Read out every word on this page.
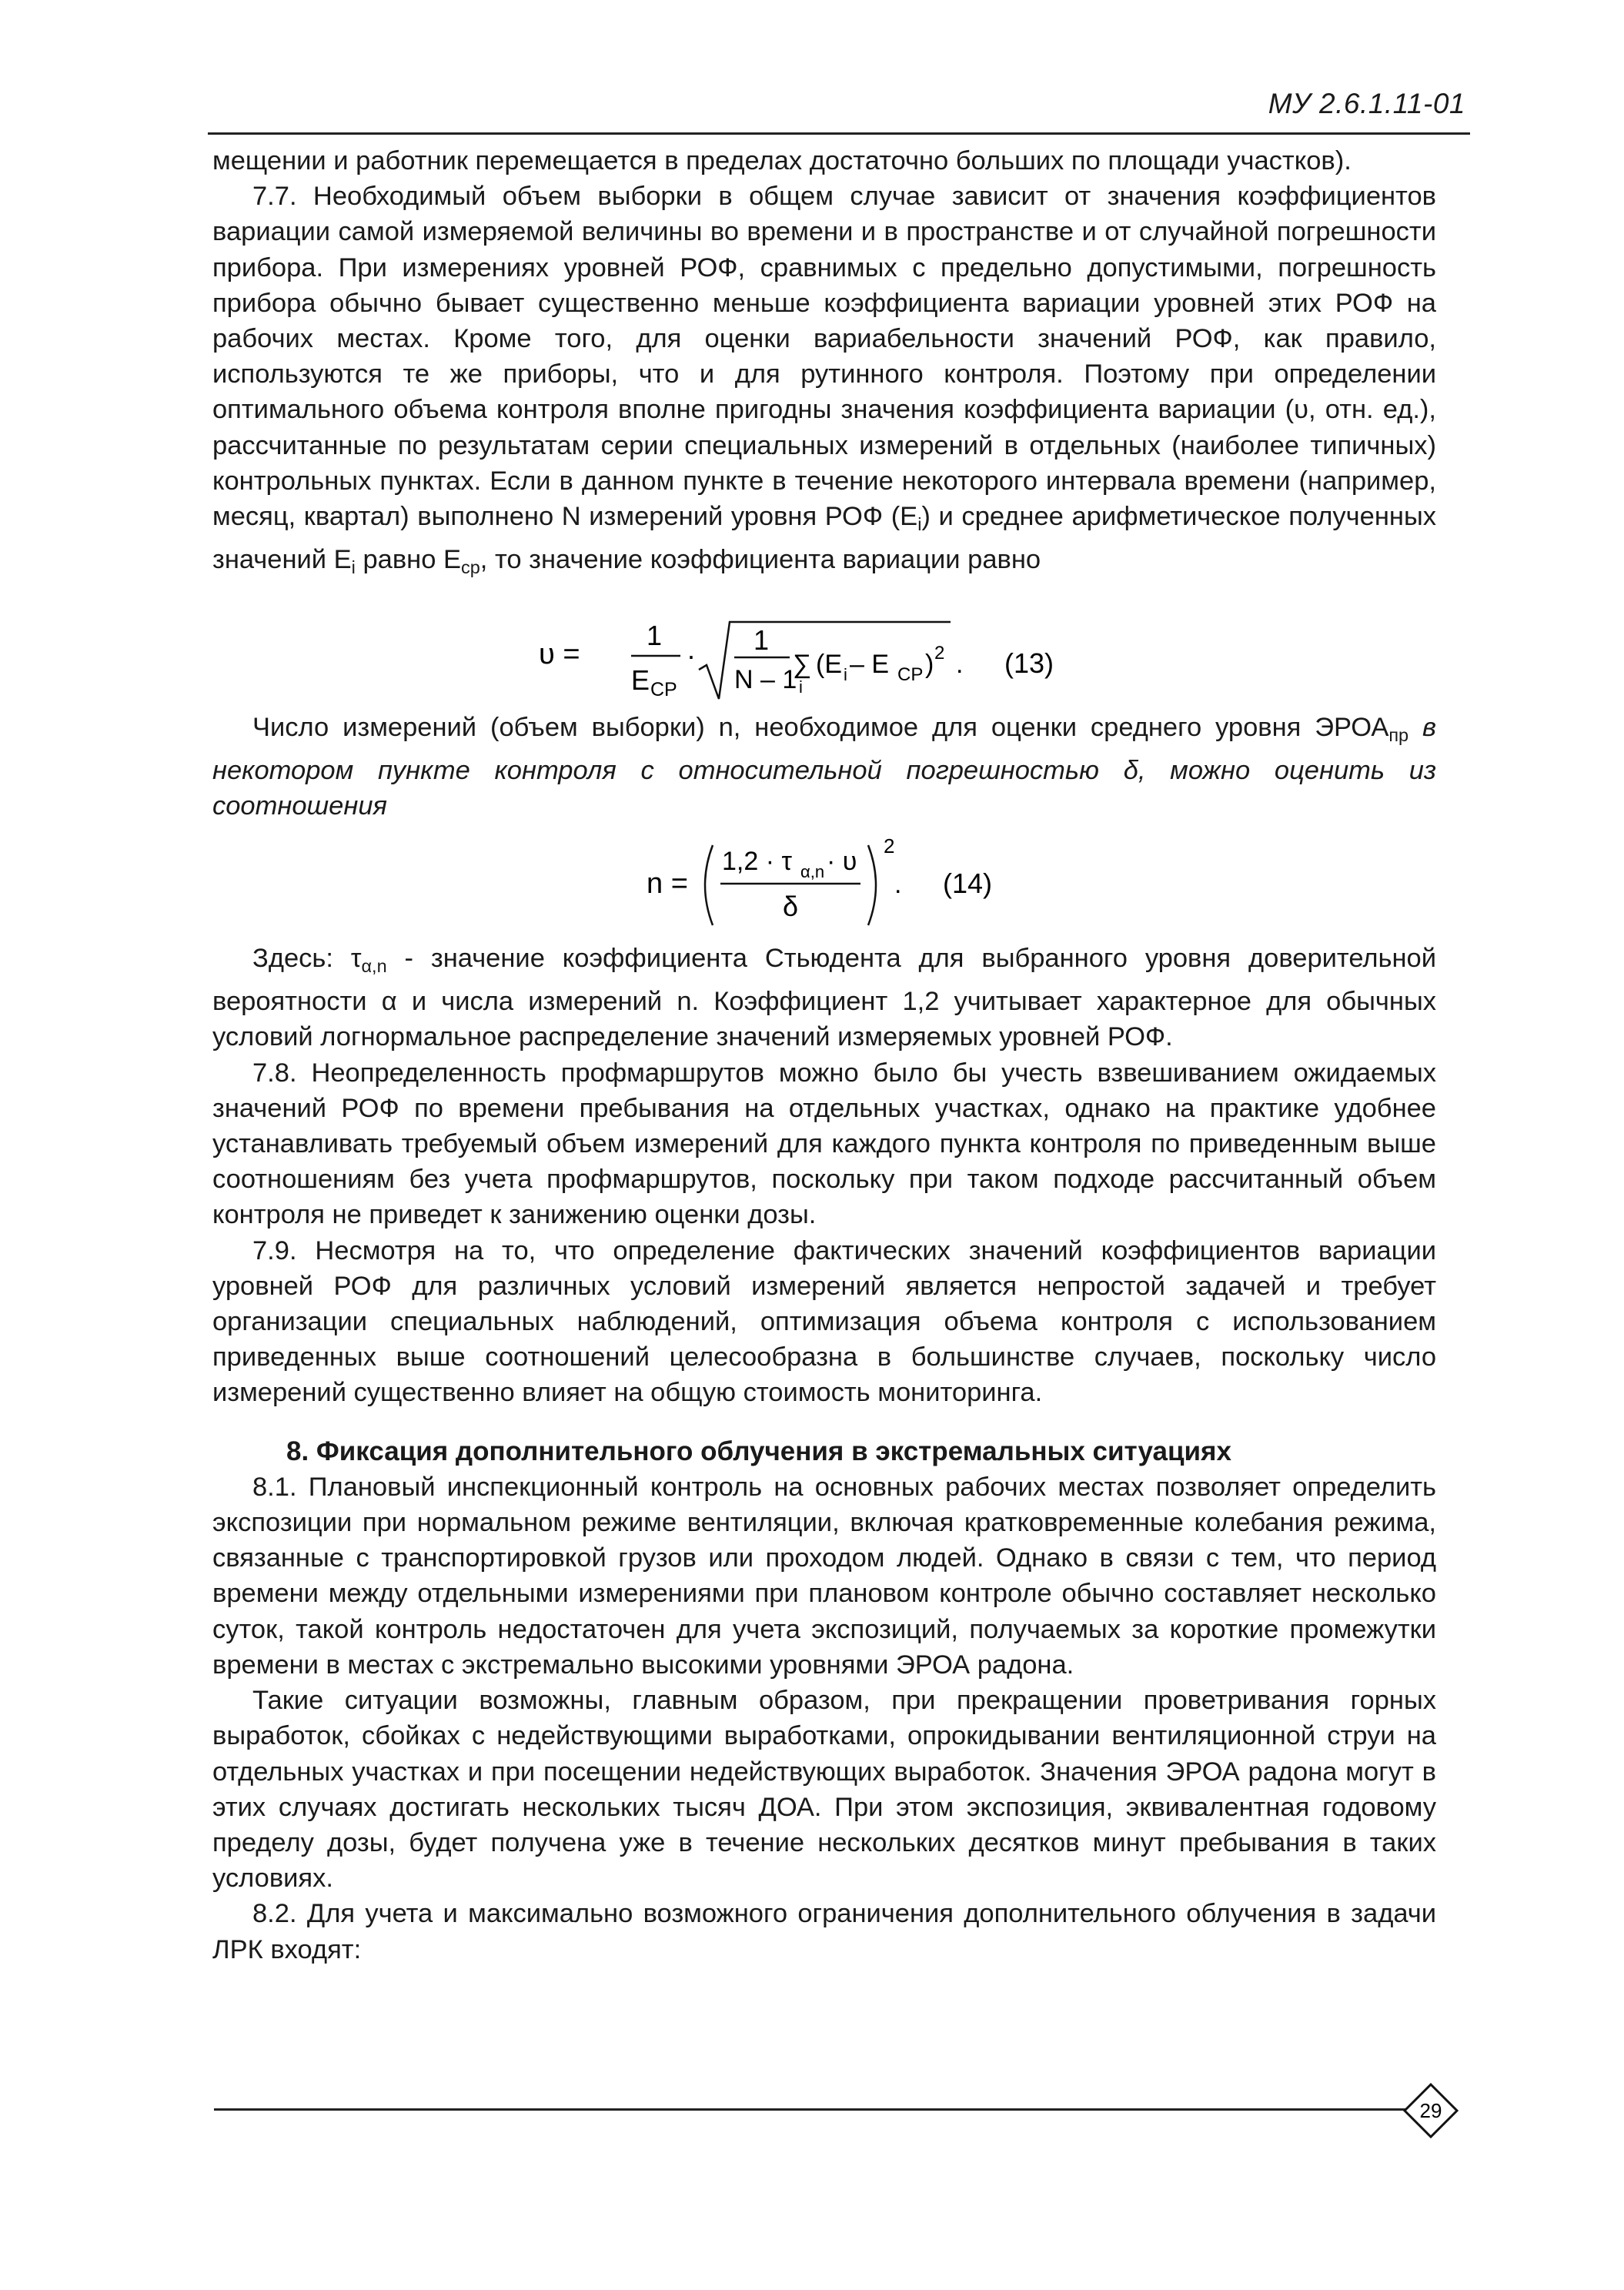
МУ 2.6.1.11-01

мещении и работник перемещается в пределах достаточно больших по площади участков).

7.7. Необходимый объем выборки в общем случае зависит от значения коэффициентов вариации самой измеряемой величины во времени и в пространстве и от случайной погрешности прибора. При измерениях уровней РОФ, сравнимых с предельно допустимыми, погрешность прибора обычно бывает существенно меньше коэффициента вариации уровней этих РОФ на рабочих местах. Кроме того, для оценки вариабельности значений РОФ, как правило, используются те же приборы, что и для рутинного контроля. Поэтому при определении оптимального объема контроля вполне пригодны значения коэффициента вариации (υ, отн. ед.), рассчитанные по результатам серии специальных измерений в отдельных (наиболее типичных) контрольных пунктах. Если в данном пункте в течение некоторого интервала времени (например, месяц, квартал) выполнено N измерений уровня РОФ $(E_i)$ и среднее арифметическое полученных значений $E_i$ равно $E_{ср}$, то значение коэффициента вариации равно

υ =
1
E CP
· 1
N – 1
∑
i
(E i – E CP ) 2 . (13)

Число измерений (объем выборки) n, необходимое для оценки среднего уровня $ЭРОА_{пр}$ в некотором пункте контроля с относительной погрешностью δ, можно оценить из соотношения

n =
1,2 · τ α,n · υ
δ
2
. (14)

Здесь: $\tau_{\alpha,n}$ - значение коэффициента Стьюдента для выбранного уровня доверительной вероятности α и числа измерений n. Коэффициент 1,2 учитывает характерное для обычных условий логнормальное распределение значений измеряемых уровней РОФ.

7.8. Неопределенность профмаршрутов можно было бы учесть взвешиванием ожидаемых значений РОФ по времени пребывания на отдельных участках, однако на практике удобнее устанавливать требуемый объем измерений для каждого пункта контроля по приведенным выше соотношениям без учета профмаршрутов, поскольку при таком подходе рассчитанный объем контроля не приведет к занижению оценки дозы.

7.9. Несмотря на то, что определение фактических значений коэффициентов вариации уровней РОФ для различных условий измерений является непростой задачей и требует организации специальных наблюдений, оптимизация объема контроля с использованием приведенных выше соотношений целесообразна в большинстве случаев, поскольку число измерений существенно влияет на общую стоимость мониторинга.

8. Фиксация дополнительного облучения в экстремальных ситуациях

8.1. Плановый инспекционный контроль на основных рабочих местах позволяет определить экспозиции при нормальном режиме вентиляции, включая кратковременные колебания режима, связанные с транспортировкой грузов или проходом людей. Однако в связи с тем, что период времени между отдельными измерениями при плановом контроле обычно составляет несколько суток, такой контроль недостаточен для учета экспозиций, получаемых за короткие промежутки времени в местах с экстремально высокими уровнями ЭРОА радона.

Такие ситуации возможны, главным образом, при прекращении проветривания горных выработок, сбойках с недействующими выработками, опрокидывании вентиляционной струи на отдельных участках и при посещении недействующих выработок. Значения ЭРОА радона могут в этих случаях достигать нескольких тысяч ДОА. При этом экспозиция, эквивалентная годовому пределу дозы, будет получена уже в течение нескольких десятков минут пребывания в таких условиях.

8.2. Для учета и максимально возможного ограничения дополнительного облучения в задачи ЛРК входят:

29
